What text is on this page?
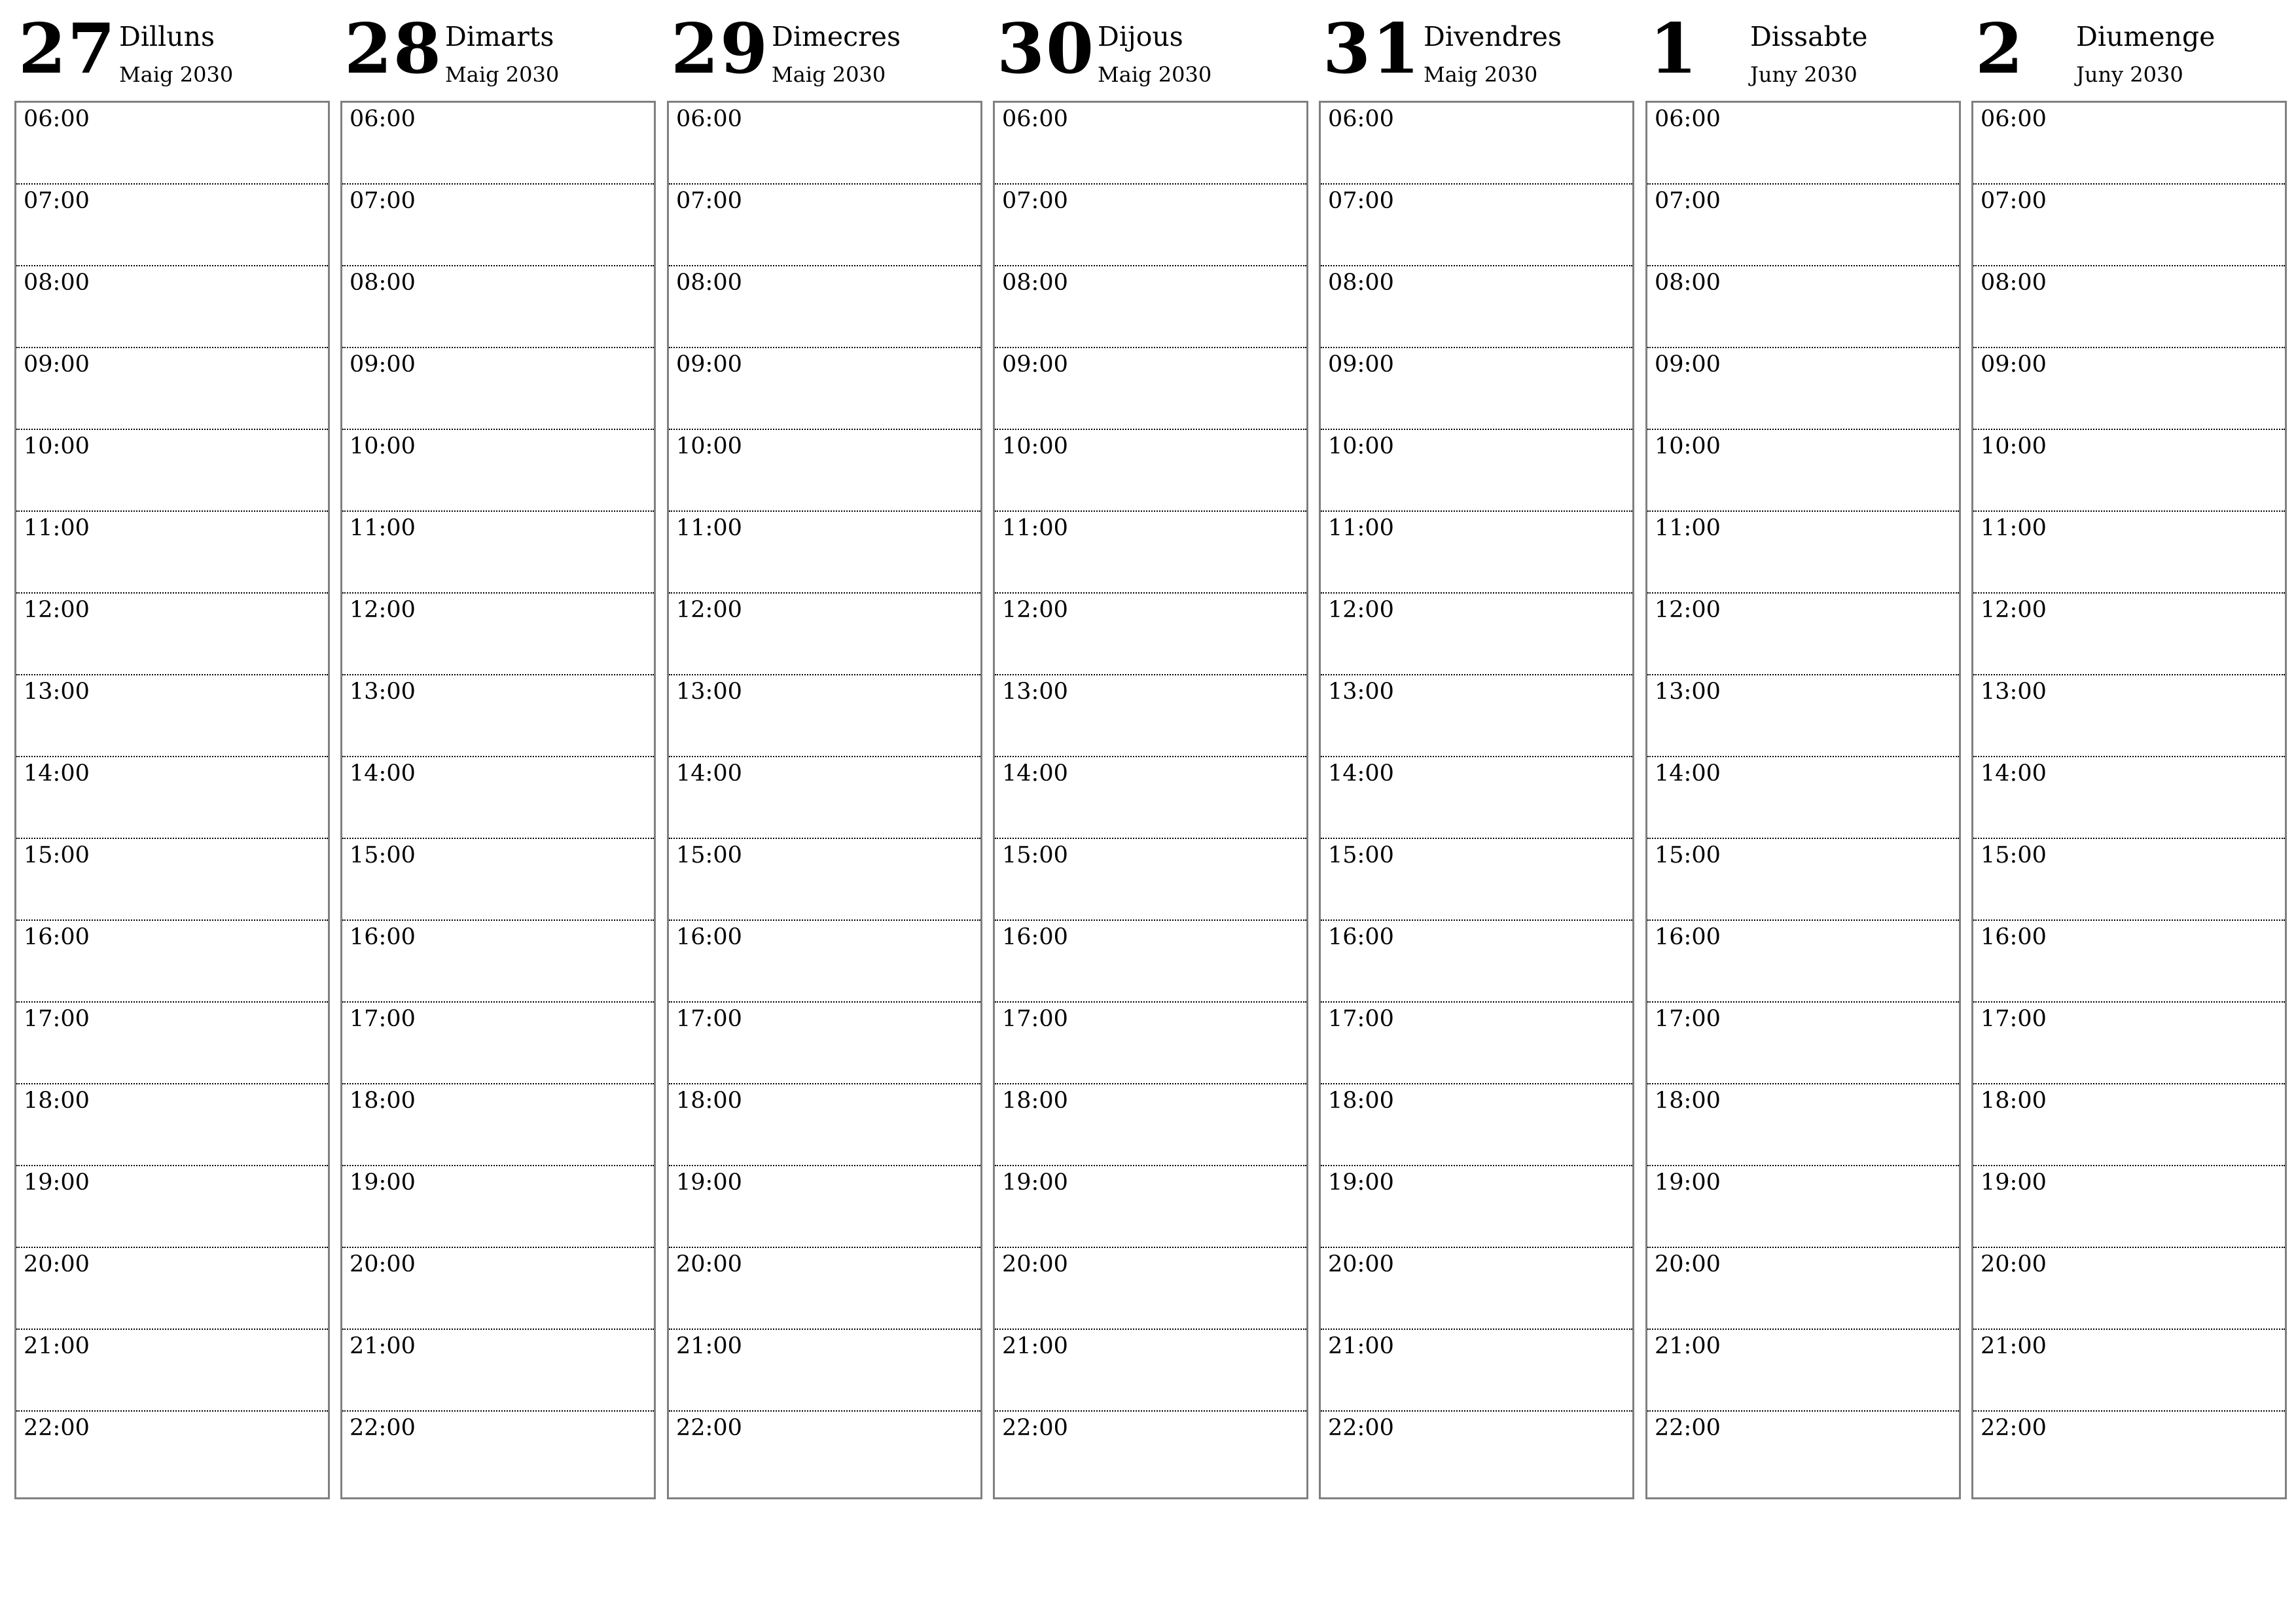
27 Dilluns
Maig 2030
06:00
07:00
08:00
09:00
10:00
11:00
12:00
13:00
14:00
15:00
16:00
17:00
18:00
19:00
20:00
21:00
22:00
28 Dimarts
Maig 2030
06:00
07:00
08:00
09:00
10:00
11:00
12:00
13:00
14:00
15:00
16:00
17:00
18:00
19:00
20:00
21:00
22:00
29 Dimecres
Maig 2030
06:00
07:00
08:00
09:00
10:00
11:00
12:00
13:00
14:00
15:00
16:00
17:00
18:00
19:00
20:00
21:00
22:00
30 Dijous
Maig 2030
06:00
07:00
08:00
09:00
10:00
11:00
12:00
13:00
14:00
15:00
16:00
17:00
18:00
19:00
20:00
21:00
22:00
31 Divendres
Maig 2030
06:00
07:00
08:00
09:00
10:00
11:00
12:00
13:00
14:00
15:00
16:00
17:00
18:00
19:00
20:00
21:00
22:00
1 Dissabte
Juny 2030
06:00
07:00
08:00
09:00
10:00
11:00
12:00
13:00
14:00
15:00
16:00
17:00
18:00
19:00
20:00
21:00
22:00
2 Diumenge
Juny 2030
06:00
07:00
08:00
09:00
10:00
11:00
12:00
13:00
14:00
15:00
16:00
17:00
18:00
19:00
20:00
21:00
22:00
